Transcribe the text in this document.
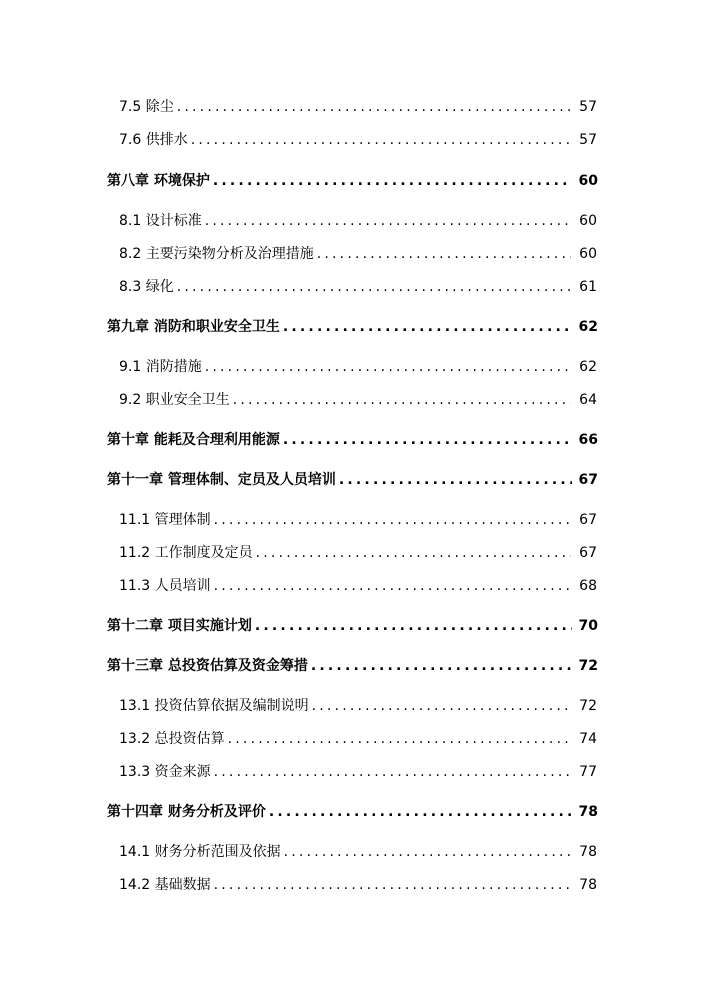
7.5 除尘 .....	57
7.6 供排水 .....	57
第八章 环境保护 .....	60
8.1 设计标准 .....	60
8.2 主要污染物分析及治理措施 .....	60
8.3 绿化 .....	61
第九章 消防和职业安全卫生 .....	62
9.1 消防措施 .....	62
9.2 职业安全卫生 .....	64
第十章 能耗及合理利用能源 .....	66
第十一章 管理体制、定员及人员培训 .....	67
11.1 管理体制 .....	67
11.2 工作制度及定员 .....	67
11.3 人员培训 .....	68
第十二章 项目实施计划 .....	70
第十三章 总投资估算及资金筹措 .....	72
13.1 投资估算依据及编制说明 .....	72
13.2 总投资估算 .....	74
13.3 资金来源 .....	77
第十四章 财务分析及评价 .....	78
14.1 财务分析范围及依据 .....	78
14.2 基础数据 .....	78
